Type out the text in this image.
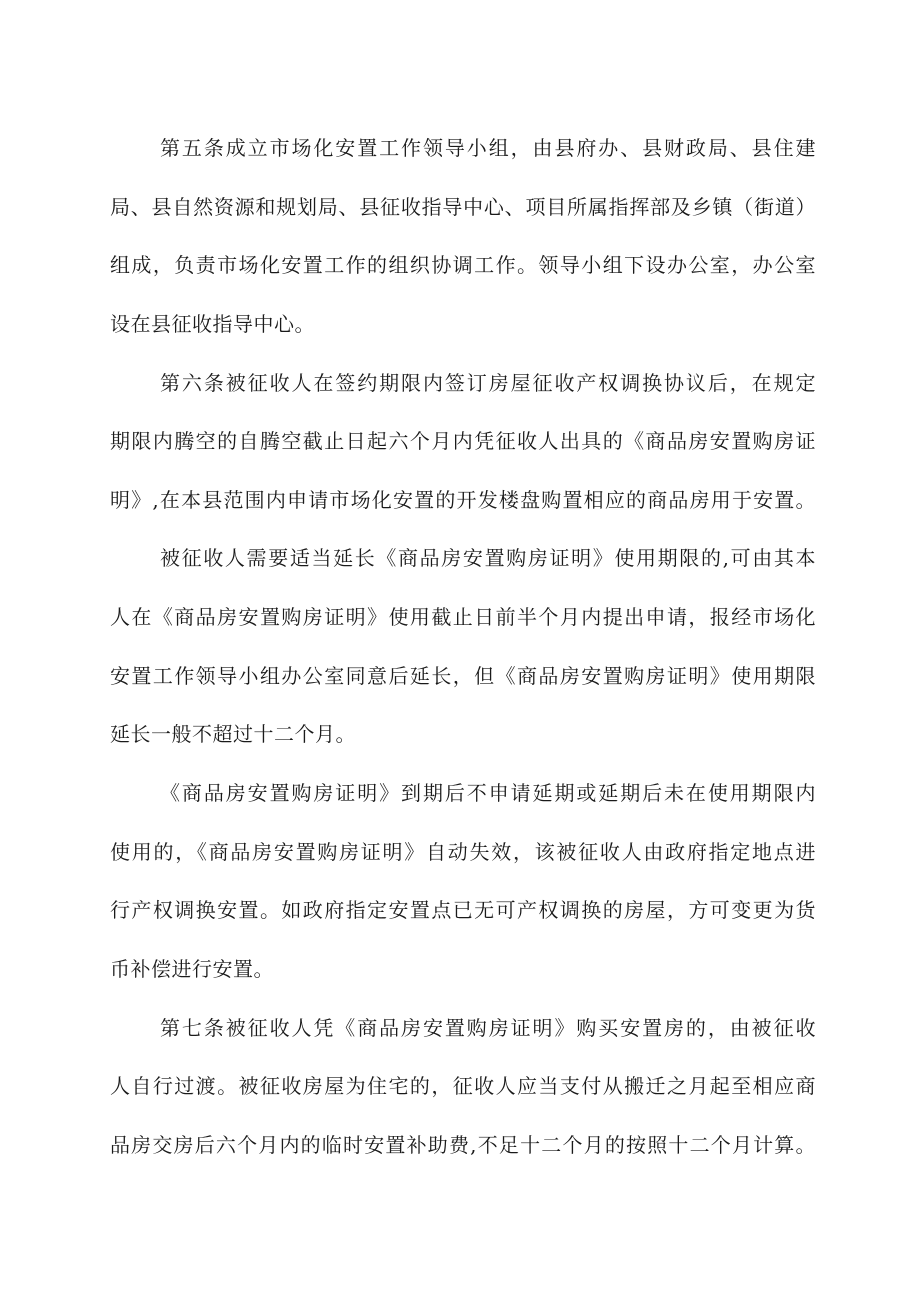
第五条成立市场化安置工作领导小组，由县府办、县财政局、县住建
局、县自然资源和规划局、县征收指导中心、项目所属指挥部及乡镇（街道）
组成，负责市场化安置工作的组织协调工作。领导小组下设办公室，办公室
设在县征收指导中心。
第六条被征收人在签约期限内签订房屋征收产权调换协议后，在规定
期限内腾空的自腾空截止日起六个月内凭征收人出具的《商品房安置购房证
明》,在本县范围内申请市场化安置的开发楼盘购置相应的商品房用于安置。
被征收人需要适当延长《商品房安置购房证明》使用期限的,可由其本
人在《商品房安置购房证明》使用截止日前半个月内提出申请，报经市场化
安置工作领导小组办公室同意后延长，但《商品房安置购房证明》使用期限
延长一般不超过十二个月。
《商品房安置购房证明》到期后不申请延期或延期后未在使用期限内
使用的，《商品房安置购房证明》自动失效，该被征收人由政府指定地点进
行产权调换安置。如政府指定安置点已无可产权调换的房屋，方可变更为货
币补偿进行安置。
第七条被征收人凭《商品房安置购房证明》购买安置房的，由被征收
人自行过渡。被征收房屋为住宅的，征收人应当支付从搬迁之月起至相应商
品房交房后六个月内的临时安置补助费,不足十二个月的按照十二个月计算。
